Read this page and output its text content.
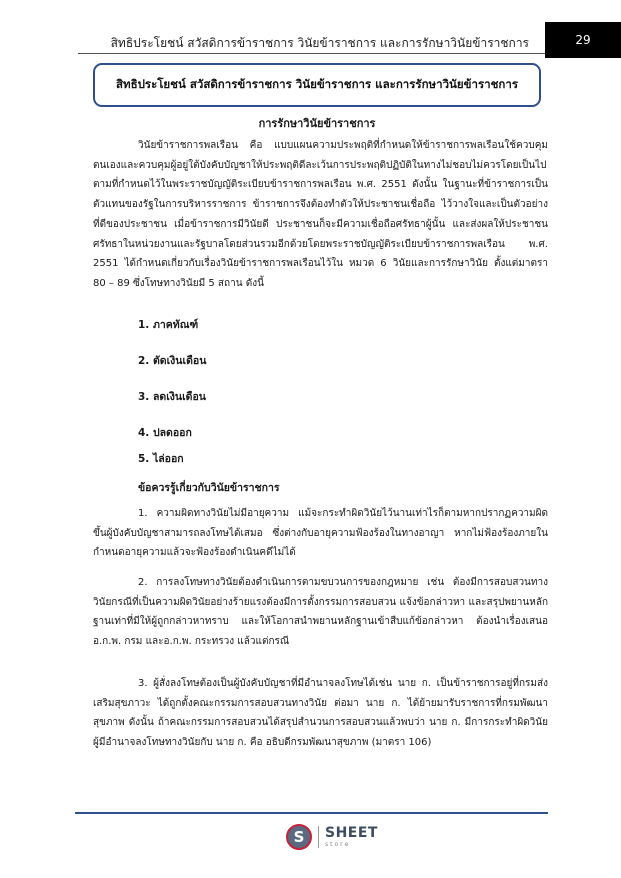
สิทธิประโยชน์ สวัสดิการข้าราชการ วินัยข้าราชการ และการรักษาวินัยข้าราชการ	29
สิทธิประโยชน์ สวัสดิการข้าราชการ วินัยข้าราชการ และการรักษาวินัยข้าราชการ
การรักษาวินัยข้าราชการ

วินัยข้าราชการพลเรือน คือ แบบแผนความประพฤติที่กำหนดให้ข้าราชการพลเรือนใช้ควบคุมตนเองและควบคุมผู้อยู่ใต้บังคับบัญชาให้ประพฤติดีละเว้นการประพฤติปฏิบัติในทางไม่ชอบไม่ควรโดยเป็นไปตามที่กำหนดไว้ในพระราชบัญญัติระเบียบข้าราชการพลเรือน พ.ศ. 2551 ดังนั้น ในฐานะที่ข้าราชการเป็นตัวแทนของรัฐในการบริหารราชการ ข้าราชการจึงต้องทำตัวให้ประชาชนเชื่อถือ ไว้วางใจและเป็นตัวอย่างที่ดีของประชาชน เมื่อข้าราชการมีวินัยดี ประชาชนก็จะมีความเชื่อถือศรัทธาผู้นั้น และส่งผลให้ประชาชนศรัทธาในหน่วยงานและรัฐบาลโดยส่วนรวมอีกด้วยโดยพระราชบัญญัติระเบียบข้าราชการพลเรือน พ.ศ. 2551 ได้กำหนดเกี่ยวกับเรื่องวินัยข้าราชการพลเรือนไว้ใน หมวด 6 วินัยและการรักษาวินัย ตั้งแต่มาตรา 80 – 89 ซึ่งโทษทางวินัยมี 5 สถาน ดังนี้

1. ภาคทัณฑ์
2. ตัดเงินเดือน
3. ลดเงินเดือน
4. ปลดออก
5. ไล่ออก
ข้อควรรู้เกี่ยวกับวินัยข้าราชการ

1. ความผิดทางวินัยไม่มีอายุความ แม้จะกระทำผิดวินัยไว้นานเท่าไรก็ตามหากปรากฏความผิดขึ้นผู้บังคับบัญชาสามารถลงโทษได้เสมอ ซึ่งต่างกับอายุความฟ้องร้องในทางอาญา หากไม่ฟ้องร้องภายในกำหนดอายุความแล้วจะฟ้องร้องดำเนินคดีไม่ได้

2. การลงโทษทางวินัยต้องดำเนินการตามขบวนการของกฎหมาย เช่น ต้องมีการสอบสวนทางวินัยกรณีที่เป็นความผิดวินัยอย่างร้ายแรงต้องมีการตั้งกรรมการสอบสวน แจ้งข้อกล่าวหา และสรุปพยานหลักฐานเท่าที่มีให้ผู้ถูกกล่าวหาทราบ และให้โอกาสนำพยานหลักฐานเข้าสืบแก้ข้อกล่าวหา ต้องนำเรื่องเสนอ อ.ก.พ. กรม และอ.ก.พ. กระทรวง แล้วแต่กรณี

3. ผู้สั่งลงโทษต้องเป็นผู้บังคับบัญชาที่มีอำนาจลงโทษได้เช่น นาย ก. เป็นข้าราชการอยู่ที่กรมส่งเสริมสุขภาวะ ได้ถูกตั้งคณะกรรมการสอบสวนทางวินัย ต่อมา นาย ก. ได้ย้ายมารับราชการที่กรมพัฒนาสุขภาพ ดังนั้น ถ้าคณะกรรมการสอบสวนได้สรุปสำนวนการสอบสวนแล้วพบว่า นาย ก. มีการกระทำผิดวินัย ผู้มีอำนาจลงโทษทางวินัยกับ นาย ก. คือ อธิบดีกรมพัฒนาสุขภาพ (มาตรา 106)

S	SHEET
store
